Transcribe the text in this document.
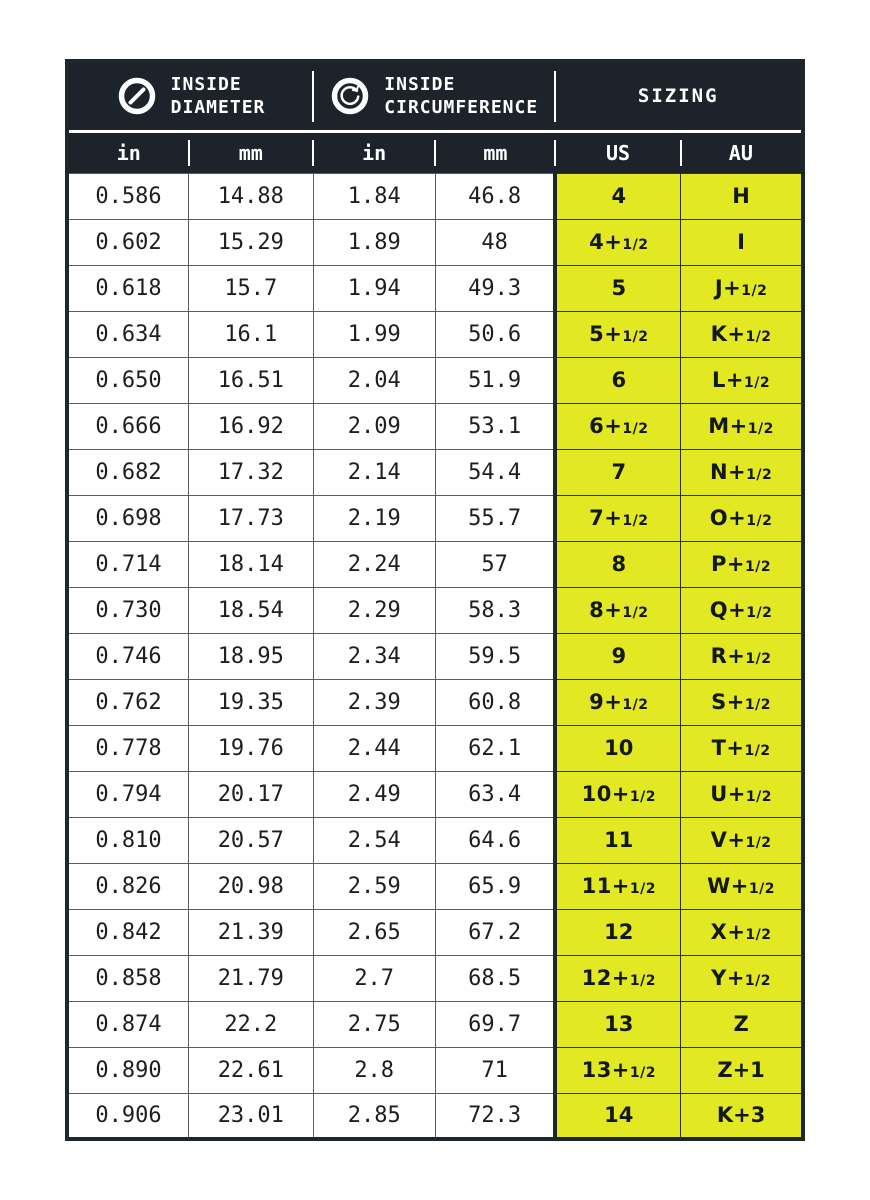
INSIDE
DIAMETER		INSIDE
CIRCUMFERENCE		SIZING	

in	mm	in	mm	US	AU
0.586	14.88	1.84	46.8	4	H
0.602	15.29	1.89	48	4+1/2	I
0.618	15.7	1.94	49.3	5	J+1/2
0.634	16.1	1.99	50.6	5+1/2	K+1/2
0.650	16.51	2.04	51.9	6	L+1/2
0.666	16.92	2.09	53.1	6+1/2	M+1/2
0.682	17.32	2.14	54.4	7	N+1/2
0.698	17.73	2.19	55.7	7+1/2	O+1/2
0.714	18.14	2.24	57	8	P+1/2
0.730	18.54	2.29	58.3	8+1/2	Q+1/2
0.746	18.95	2.34	59.5	9	R+1/2
0.762	19.35	2.39	60.8	9+1/2	S+1/2
0.778	19.76	2.44	62.1	10	T+1/2
0.794	20.17	2.49	63.4	10+1/2	U+1/2
0.810	20.57	2.54	64.6	11	V+1/2
0.826	20.98	2.59	65.9	11+1/2	W+1/2
0.842	21.39	2.65	67.2	12	X+1/2
0.858	21.79	2.7	68.5	12+1/2	Y+1/2
0.874	22.2	2.75	69.7	13	Z
0.890	22.61	2.8	71	13+1/2	Z+1
0.906	23.01	2.85	72.3	14	K+3
